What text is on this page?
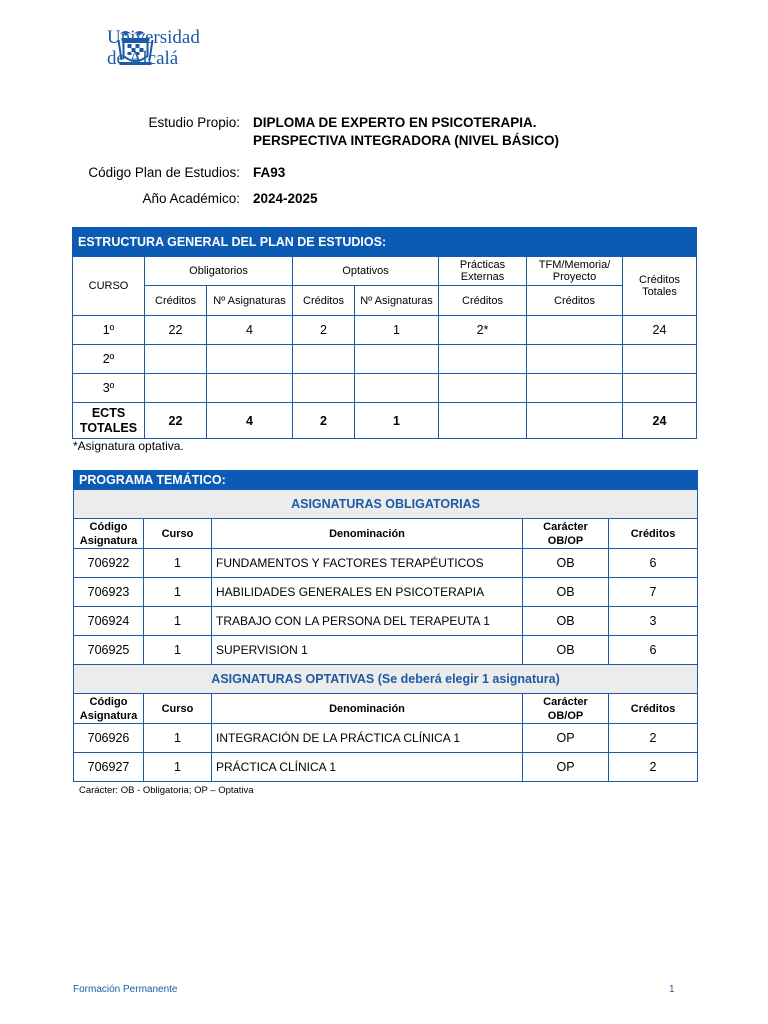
Universidad
de Alcalá
Estudio Propio: DIPLOMA DE EXPERTO EN PSICOTERAPIA. PERSPECTIVA INTEGRADORA (NIVEL BÁSICO)
Código Plan de Estudios: FA93
Año Académico: 2024-2025
ESTRUCTURA GENERAL DEL PLAN DE ESTUDIOS:							
CURSO	Obligatorios		Optativos		Prácticas Externas	TFM/Memoria/ Proyecto	Créditos Totales
	Créditos	Nº Asignaturas	Créditos	Nº Asignaturas	Créditos	Créditos	
1º	22	4	2	1	2*		24
2º							
3º							
ECTS TOTALES	22	4	2	1			24
*Asignatura optativa.
PROGRAMA TEMÁTICO:				
ASIGNATURAS OBLIGATORIAS				
Código Asignatura	Curso	Denominación	Carácter OB/OP	Créditos
706922	1	FUNDAMENTOS Y FACTORES TERAPÉUTICOS	OB	6
706923	1	HABILIDADES GENERALES EN PSICOTERAPIA	OB	7
706924	1	TRABAJO CON LA PERSONA DEL TERAPEUTA 1	OB	3
706925	1	SUPERVISION 1	OB	6
ASIGNATURAS OPTATIVAS (Se deberá elegir 1 asignatura)				
Código Asignatura	Curso	Denominación	Carácter OB/OP	Créditos
706926	1	INTEGRACIÓN DE LA PRÁCTICA CLÍNICA 1	OP	2
706927	1	PRÁCTICA CLÍNICA 1	OP	2
Carácter: OB - Obligatoria; OP – Optativa
Formación Permanente	1
